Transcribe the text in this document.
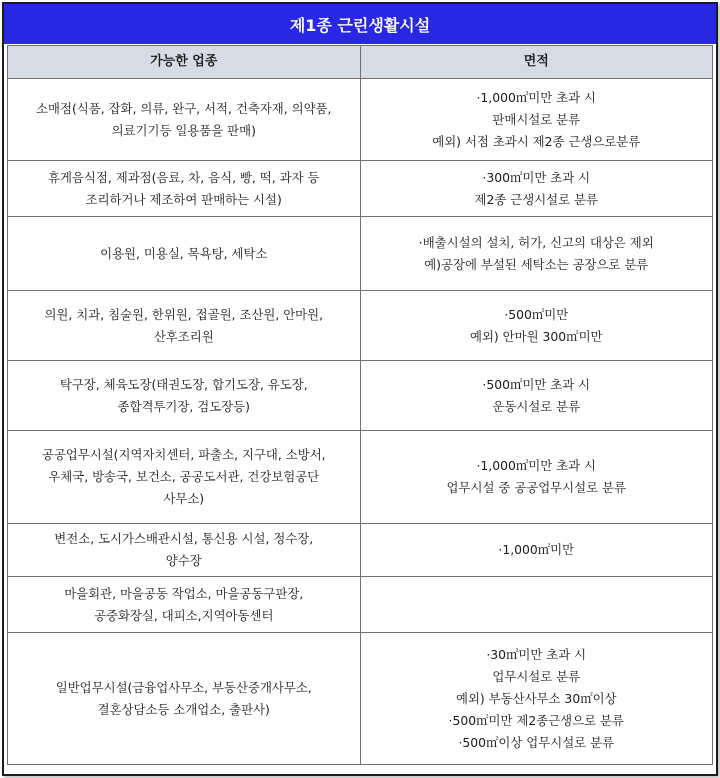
제1종 근린생활시설
가능한 업종	면적

소매점(식품, 잡화, 의류, 완구, 서적, 건축자재, 의약품,
의료기기등 일용품을 판매)	·1,000㎡미만 초과 시
판매시설로 분류
예외) 서점 초과시 제2종 근생으로분류

휴게음식점, 제과점(음료, 차, 음식, 빵, 떡, 과자 등
조리하거나 제조하여 판매하는 시설)	·300㎡미만 초과 시
제2종 근생시설로 분류

이용원, 미용실, 목욕탕, 세탁소	·배출시설의 설치, 허가, 신고의 대상은 제외
예)공장에 부설된 세탁소는 공장으로 분류

의원, 치과, 침술원, 한위원, 접골원, 조산원, 안마원,
산후조리원	·500㎡미만
예외) 안마원 300㎡미만

탁구장, 체육도장(태권도장, 합기도장, 유도장,
종합격투기장, 검도장등)	·500㎡미만 초과 시
운동시설로 분류

공공업무시설(지역자치센터, 파출소, 지구대, 소방서,
우체국, 방송국, 보건소, 공공도서관, 건강보험공단
사무소)	·1,000㎡미만 초과 시
업무시설 중 공공업무시설로 분류

변전소, 도시가스배관시설, 통신용 시설, 정수장,
양수장	·1,000㎡미만

마을회관, 마을공동 작업소, 마을공동구판장,
공중화장실, 대피소,지역아동센터	

일반업무시설(금융업사무소, 부동산중개사무소,
결혼상담소등 소개업소, 출판사)	·30㎡미만 초과 시
업무시설로 분류
예외) 부동산사무소 30㎡이상
·500㎡미만 제2종근생으로 분류
·500㎡이상 업무시설로 분류
